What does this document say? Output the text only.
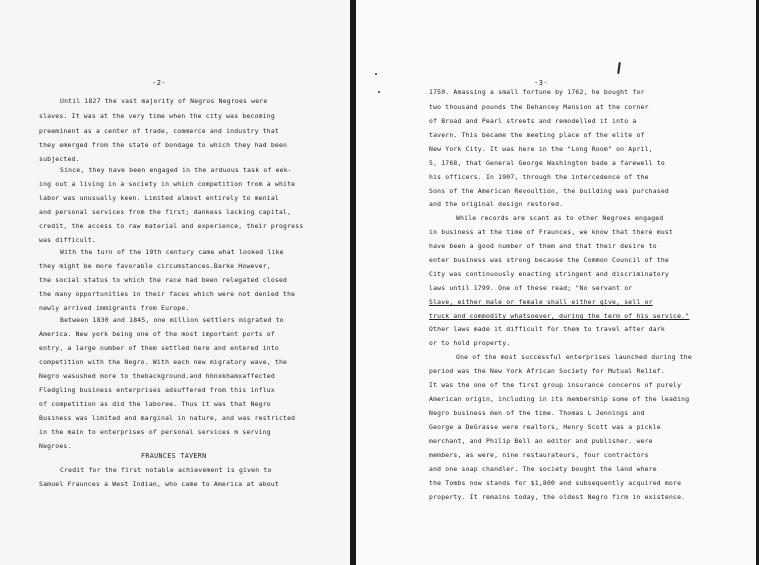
-2-
Until 1827 the vast majority of Negros Negroes were
slaves. It was at the very time when the city was becoming
preeminent as a center of trade, commerce and industry that
they emerged from the state of bondage to which they had been
subjected.
Since, they have been engaged in the arduous task of eek-
ing out a living in a society in which competition from a white
labor was unusually keen. Limited almost entirely to menial
and personal services from the first; dankess lacking capital,
credit, the access to raw material and experience, their progress
was difficult.
With the turn of the 19th century came what looked like
they might be more favorable circumstances.Barke However,
the social status to which the race had been relegated closed
the many opportunities in their faces which were not denied the
newly arrived immigrants from Europe.
Between 1830 and 1845, one million settlers migrated to
America. New york being one of the most important ports of
entry, a large number of them settled here and entered into
competition with the Negro. With each new migratory wave, the
Negro wasushed more to thebackground.and hhnxkhamxaffected
Fledgling business enterprises adsuffered from this influx
of competition as did the laboree. Thus it was that Negro
Business was limited and marginal in nature, and was restricted
in the main to enterprises of personal services m serving
Negroes.
FRAUNCES TAVERN
Credit for the first notable achievement is given to
Samuel Fraunces a West Indian, who came to America at about
-3-
1750. Amassing a small fortune by 1762, he bought for
two thousand pounds the Dehancey Mansion at the corner
of Broad and Pearl streets and remodelled it into a
tavern. This became the meeting place of the elite of
New York City. It was here in the "Long Room" on April,
5, 1768, that General George Washington bade a farewell to
his officers. In 1907, through the intercedence of the
Sons of the American Revoultion, the building was purchased
and the original design restored.
While records are scant as to other Negroes engaged
in business at the time of Fraunces, we know that there must
have been a good number of them and that their desire to
enter business was strong because the Common Council of the
City was continuously enacting stringent and discriminatory
laws until 1799. One of these read; "No servant or
Slave, either male or female shall either give, sell or
truck and commodity whatsoever, during the term of his service."
Other laws made it difficult for them to travel after dark
or to hold property.
One of the most successful enterprises launched during the
period was the New York African Society for Mutual Relief.
It was the one of the first group insurance concerns of purely
American origin, including in its membership some of the leading
Negro business men of the time. Thomas L Jennings and
George a DeGrasse were realtors, Henry Scott was a pickle
merchant, and Philip Bell an editor and publisher. were
members, as were, nine restaurateurs, four contractors
and one soap chandler. The society bought the land where
the Tombs now stands for $1,800 and subsequently acquired more
property. It remains today, the oldest Negro firm in existence.
